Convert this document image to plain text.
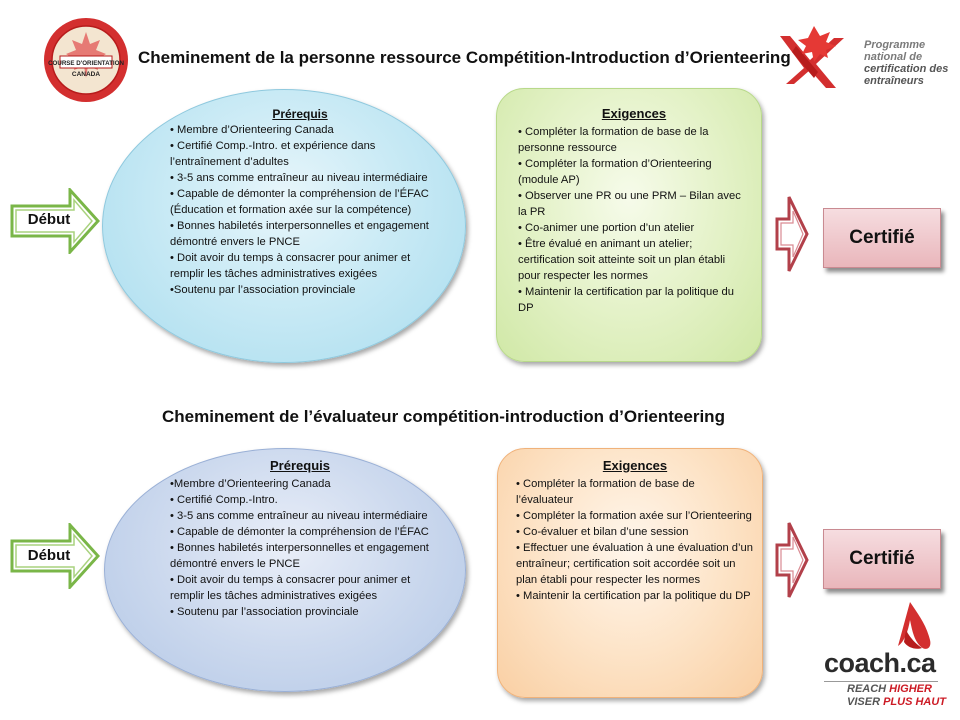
COURSE D'ORIENTATION
CANADA
Programme
national de
certification des
entraîneurs
coach.ca
REACH HIGHER
VISER PLUS HAUT
Cheminement de la personne ressource Compétition-Introduction d’Orienteering
Début
Prérequis

• Membre d’Orienteering Canada

• Certifié Comp.-Intro. et expérience dans l’entraînement d’adultes

• 3-5 ans comme entraîneur au niveau intermédiaire

• Capable de démonter la compréhension de l’ÉFAC (Éducation et formation axée sur la compétence)

• Bonnes habiletés interpersonnelles et engagement démontré envers le PNCE

• Doit avoir du temps à consacrer pour animer et remplir les tâches administratives exigées

•Soutenu par l’association provinciale

Exigences

• Compléter la formation de base de la personne ressource

• Compléter la formation d’Orienteering (module AP)

• Observer une PR ou une PRM – Bilan avec la PR

• Co-animer une portion d’un atelier

• Être évalué en animant un atelier; certification soit atteinte soit un plan établi pour respecter les normes

• Maintenir la certification par la politique du DP

Certifié
Cheminement de l’évaluateur compétition-introduction d’Orienteering
Début
Prérequis

•Membre d’Orienteering Canada

• Certifié Comp.-Intro.

• 3-5 ans comme entraîneur au niveau intermédiaire

• Capable de démonter la compréhension de l’ÉFAC

• Bonnes habiletés interpersonnelles et engagement démontré envers le PNCE

• Doit avoir du temps à consacrer pour animer et remplir les tâches administratives exigées

• Soutenu par l’association provinciale

Exigences

• Compléter la formation de base de l’évaluateur

• Compléter la formation axée sur l’Orienteering

• Co-évaluer et bilan d’une session

• Effectuer une évaluation à une évaluation d’un entraîneur; certification soit accordée soit un plan établi pour respecter les normes

• Maintenir la certification par la politique du DP

Certifié
